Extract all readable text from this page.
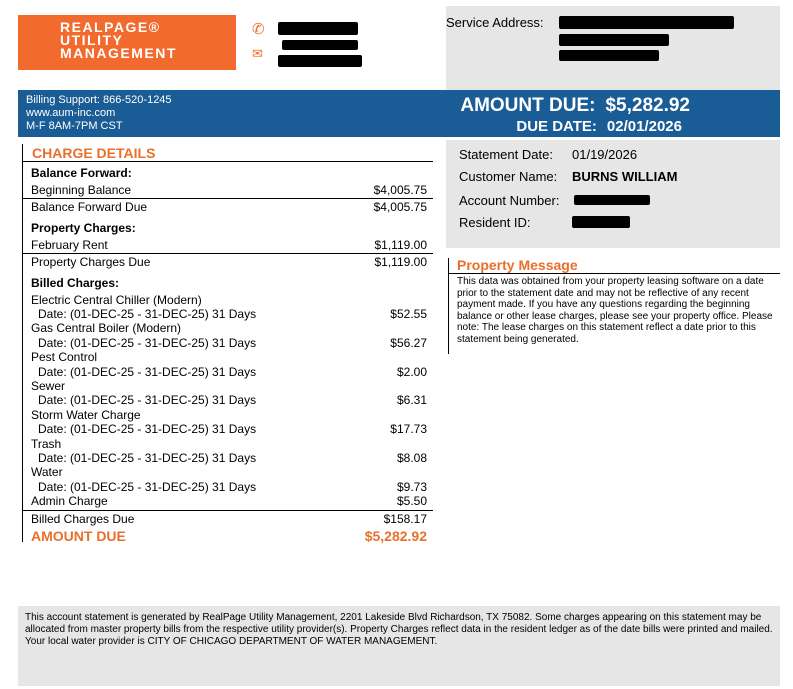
REALPAGE®
UTILITY
MANAGEMENT
✆
✉
Service Address:
Billing Support: 866-520-1245
www.aum-inc.com
M-F 8AM-7PM CST
AMOUNT DUE: $5,282.92
DUE DATE: 02/01/2026
CHARGE DETAILS
Balance Forward:
Beginning Balance	$4,005.75
Balance Forward Due	$4,005.75
Property Charges:
February Rent	$1,119.00
Property Charges Due	$1,119.00
Billed Charges:
Electric Central Chiller (Modern)
Date: (01-DEC-25 - 31-DEC-25) 31 Days	$52.55
Gas Central Boiler (Modern)
Date: (01-DEC-25 - 31-DEC-25) 31 Days	$56.27
Pest Control
Date: (01-DEC-25 - 31-DEC-25) 31 Days	$2.00
Sewer
Date: (01-DEC-25 - 31-DEC-25) 31 Days	$6.31
Storm Water Charge
Date: (01-DEC-25 - 31-DEC-25) 31 Days	$17.73
Trash
Date: (01-DEC-25 - 31-DEC-25) 31 Days	$8.08
Water
Date: (01-DEC-25 - 31-DEC-25) 31 Days	$9.73
Admin Charge	$5.50
Billed Charges Due	$158.17
AMOUNT DUE	$5,282.92
Statement Date: 01/19/2026
Customer Name: BURNS WILLIAM
Account Number:
Resident ID:
Property Message
This data was obtained from your property leasing software on a date prior to the statement date and may not be reflective of any recent payment made. If you have any questions regarding the beginning balance or other lease charges, please see your property office. Please note: The lease charges on this statement reflect a date prior to this statement being generated.
This account statement is generated by RealPage Utility Management, 2201 Lakeside Blvd Richardson, TX 75082. Some charges appearing on this statement may be allocated from master property bills from the respective utility provider(s). Property Charges reflect data in the resident ledger as of the date bills were printed and mailed. Your local water provider is CITY OF CHICAGO DEPARTMENT OF WATER MANAGEMENT.
